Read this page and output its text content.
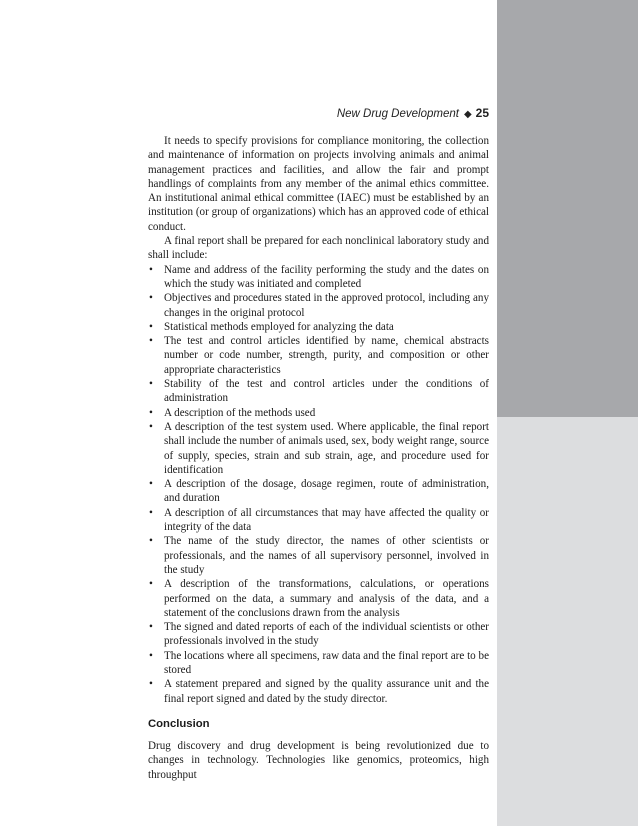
New Drug Development ◆ 25

It needs to specify provisions for compliance monitoring, the collection and maintenance of information on projects involving animals and animal management practices and facilities, and allow the fair and prompt handlings of complaints from any member of the animal ethics committee. An institutional animal ethical committee (IAEC) must be established by an institution (or group of organizations) which has an approved code of ethical conduct.

A final report shall be prepared for each nonclinical laboratory study and shall include:

• Name and address of the facility performing the study and the dates on which the study was initiated and completed
• Objectives and procedures stated in the approved protocol, including any changes in the original protocol
• Statistical methods employed for analyzing the data
• The test and control articles identified by name, chemical abstracts number or code number, strength, purity, and composition or other appropriate characteristics
• Stability of the test and control articles under the conditions of administration
• A description of the methods used
• A description of the test system used. Where applicable, the final report shall include the number of animals used, sex, body weight range, source of supply, species, strain and sub strain, age, and procedure used for identification
• A description of the dosage, dosage regimen, route of administration, and duration
• A description of all circumstances that may have affected the quality or integrity of the data
• The name of the study director, the names of other scientists or professionals, and the names of all supervisory personnel, involved in the study
• A description of the transformations, calculations, or operations performed on the data, a summary and analysis of the data, and a statement of the conclusions drawn from the analysis
• The signed and dated reports of each of the individual scientists or other professionals involved in the study
• The locations where all specimens, raw data and the final report are to be stored
• A statement prepared and signed by the quality assurance unit and the final report signed and dated by the study director.
Conclusion

Drug discovery and drug development is being revolutionized due to changes in technology. Technologies like genomics, proteomics, high throughput
